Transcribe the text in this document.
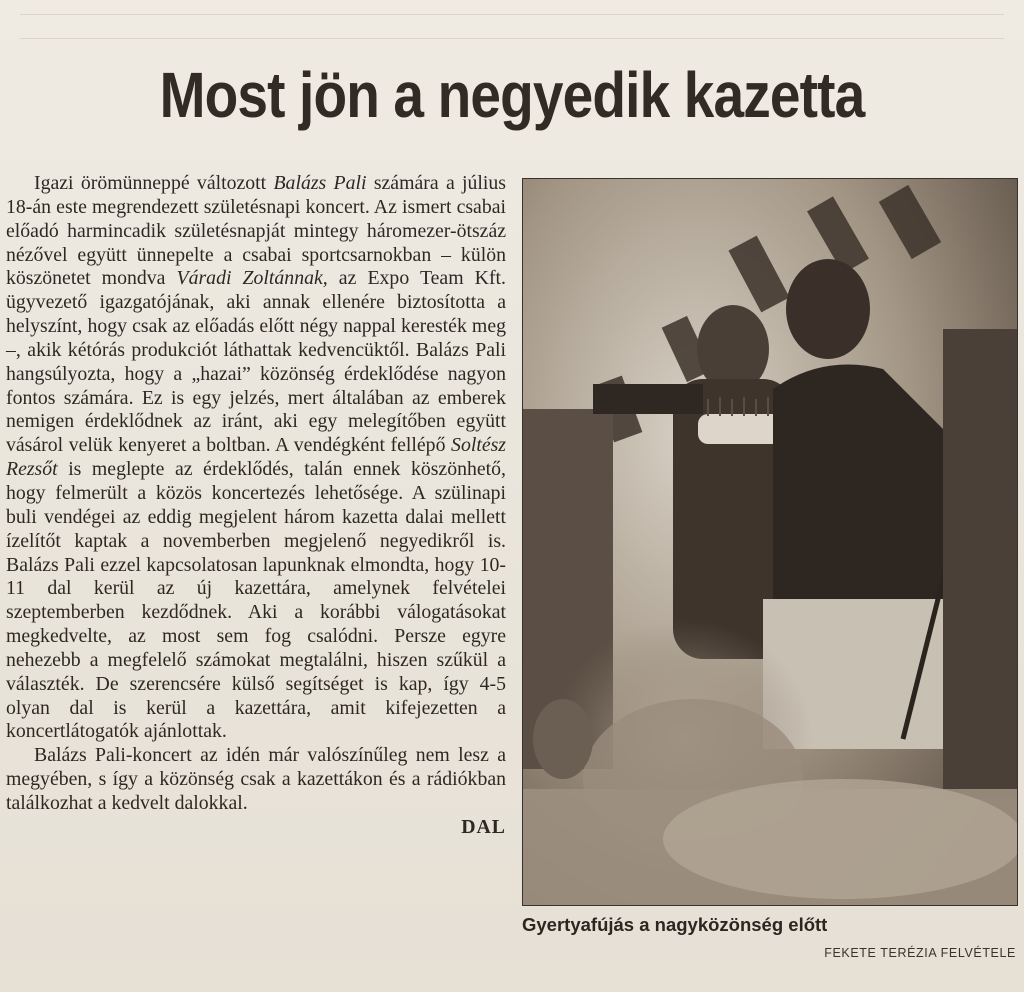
Most jön a negyedik kazetta

Igazi örömünneppé változott Balázs Pali számára a július 18-án este megrendezett születésnapi koncert. Az ismert csabai előadó harmincadik születésnapját mintegy háromezer-ötszáz nézővel együtt ünnepelte a csabai sportcsarnokban – külön köszönetet mondva Váradi Zoltánnak, az Expo Team Kft. ügyvezető igazgatójának, aki annak ellenére biztosította a helyszínt, hogy csak az előadás előtt négy nappal keresték meg –, akik kétórás produkciót láthattak kedvencüktől. Balázs Pali hangsúlyozta, hogy a „hazai” közönség érdeklődése nagyon fontos számára. Ez is egy jelzés, mert általában az emberek nemigen érdeklődnek az iránt, aki egy melegítőben együtt vásárol velük kenyeret a boltban. A vendégként fellépő Soltész Rezsőt is meglepte az érdeklődés, talán ennek köszönhető, hogy felmerült a közös koncertezés lehetősége. A szülinapi buli vendégei az eddig megjelent három kazetta dalai mellett ízelítőt kaptak a novemberben megjelenő negyedikről is. Balázs Pali ezzel kapcsolatosan lapunknak elmondta, hogy 10-11 dal kerül az új kazettára, amelynek felvételei szeptemberben kezdődnek. Aki a korábbi válogatásokat megkedvelte, az most sem fog csalódni. Persze egyre nehezebb a megfelelő számokat megtalálni, hiszen szűkül a választék. De szerencsére külső segítséget is kap, így 4-5 olyan dal is kerül a kazettára, amit kifejezetten a koncertlátogatók ajánlottak.

Balázs Pali-koncert az idén már valószínűleg nem lesz a megyében, s így a közönség csak a kazettákon és a rádiókban találkozhat a kedvelt dalokkal.

DAL
Gyertyafújás a nagyközönség előtt
FEKETE TERÉZIA FELVÉTELE
